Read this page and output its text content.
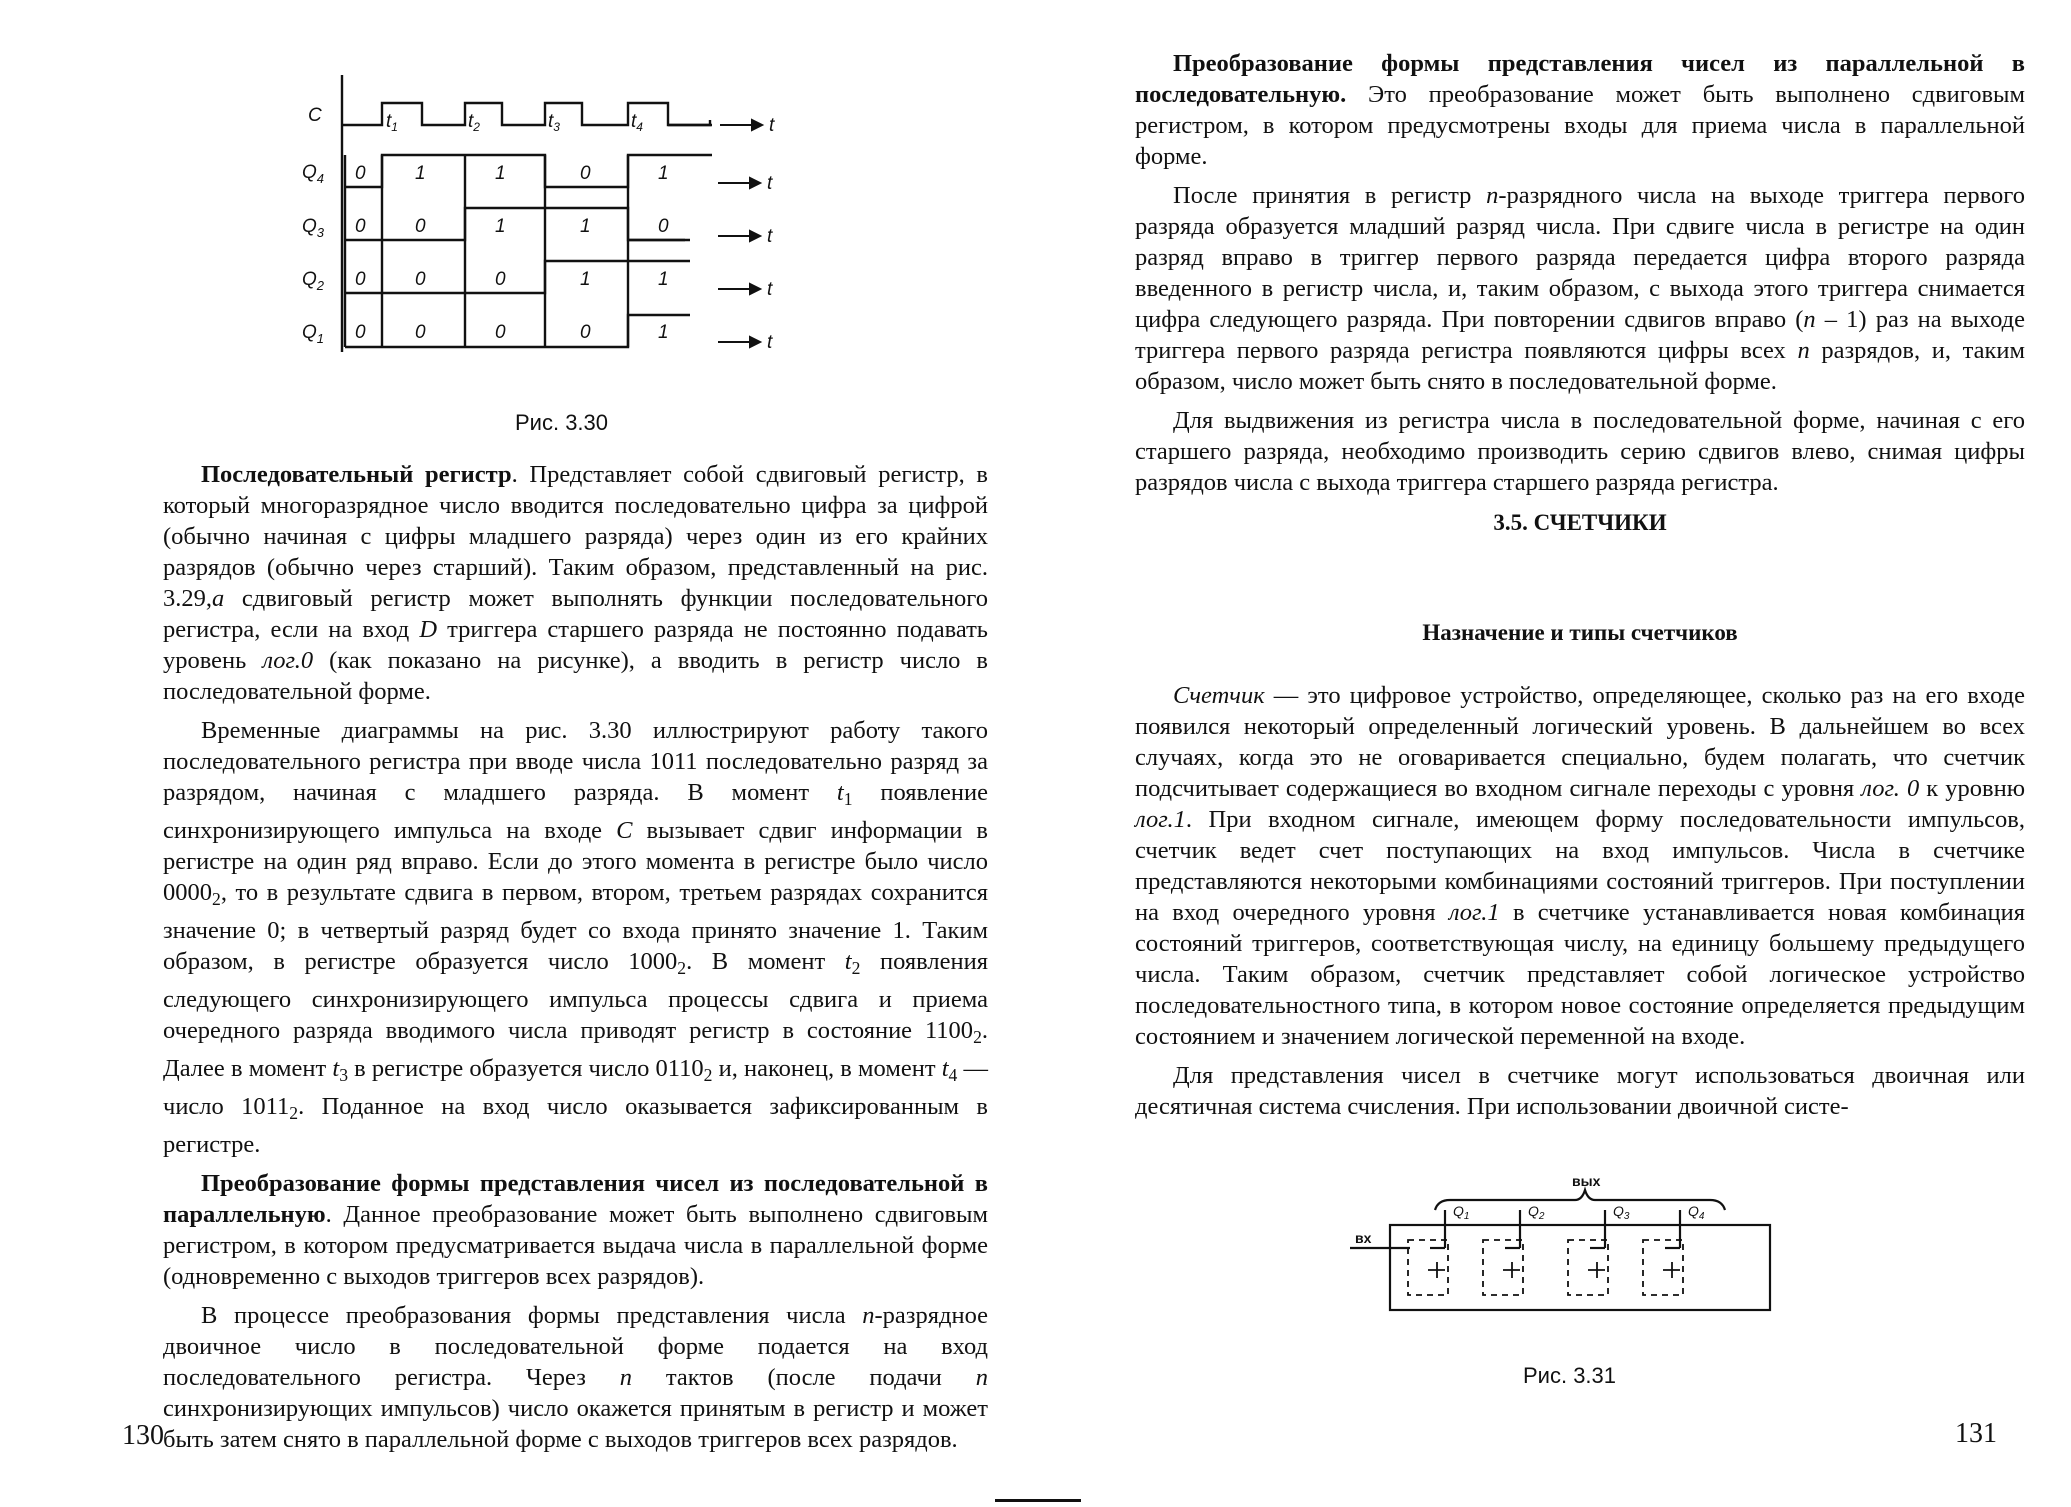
t
t
t
t
t
C
$Q_4$
$Q_3$
$Q_2$
$Q_1$
$t_1$	$t_2$	$t_3$	$t_4$
0	1	1	0	1
0	0	1	1	0
0	0	0	1	1
0	0	0	0	1
Рис. 3.30

Последовательный регистр. Представляет собой сдвиговый регистр, в который многоразрядное число вводится последовательно цифра за цифрой (обычно начиная с цифры младшего разряда) через один из его крайних разрядов (обычно через старший). Таким образом, представленный на рис. 3.29,а сдвиговый регистр может выполнять функции последовательного регистра, если на вход D триггера старшего разряда не постоянно подавать уровень лог.0 (как показано на рисунке), а вводить в регистр число в последовательной форме.

Временные диаграммы на рис. 3.30 иллюстрируют работу такого последовательного регистра при вводе числа 1011 последовательно разряд за разрядом, начиная с младшего разряда. В момент $t_1$ появление синхронизирующего импульса на входе C вызывает сдвиг информации в регистре на один ряд вправо. Если до этого момента в регистре было число $0000_2$, то в результате сдвига в первом, втором, третьем разрядах сохранится значение 0; в четвертый разряд будет со входа принято значение 1. Таким образом, в регистре образуется число $1000_2$. В момент $t_2$ появления следующего синхронизирующего импульса процессы сдвига и приема очередного разряда вводимого числа приводят регистр в состояние $1100_2$. Далее в момент $t_3$ в регистре образуется число $0110_2$ и, наконец, в момент $t_4$ — число $1011_2$. Поданное на вход число оказывается зафиксированным в регистре.

Преобразование формы представления чисел из последовательной в параллельную. Данное преобразование может быть выполнено сдвиговым регистром, в котором предусматривается выдача числа в параллельной форме (одновременно с выходов триггеров всех разрядов).

В процессе преобразования формы представления числа n-разрядное двоичное число в последовательной форме подается на вход последовательного регистра. Через n тактов (после подачи n синхронизирующих импульсов) число окажется принятым в регистр и может быть затем снято в параллельной форме с выходов триггеров всех разрядов.

130

Преобразование формы представления чисел из параллельной в последовательную. Это преобразование может быть выполнено сдвиговым регистром, в котором предусмотрены входы для приема числа в параллельной форме.

После принятия в регистр n-разрядного числа на выходе триггера первого разряда образуется младший разряд числа. При сдвиге числа в регистре на один разряд вправо в триггер первого разряда передается цифра второго разряда введенного в регистр числа, и, таким образом, с выхода этого триггера снимается цифра следующего разряда. При повторении сдвигов вправо (n – 1) раз на выходе триггера первого разряда регистра появляются цифры всех n разрядов, и, таким образом, число может быть снято в последовательной форме.

Для выдвижения из регистра числа в последовательной форме, начиная с его старшего разряда, необходимо производить серию сдвигов влево, снимая цифры разрядов числа с выхода триггера старшего разряда регистра.

3.5. СЧЕТЧИКИ
Назначение и типы счетчиков

Счетчик — это цифровое устройство, определяющее, сколько раз на его входе появился некоторый определенный логический уровень. В дальнейшем во всех случаях, когда это не оговаривается специально, будем полагать, что счетчик подсчитывает содержащиеся во входном сигнале переходы с уровня лог. 0 к уровню лог.1. При входном сигнале, имеющем форму последовательности импульсов, счетчик ведет счет поступающих на вход импульсов. Числа в счетчике представляются некоторыми комбинациями состояний триггеров. При поступлении на вход очередного уровня лог.1 в счетчике устанавливается новая комбинация состояний триггеров, соответствующая числу, на единицу большему предыдущего числа. Таким образом, счетчик представляет собой логическое устройство последовательностного типа, в котором новое состояние определяется предыдущим состоянием и значением логической переменной на входе.

Для представления чисел в счетчике могут использоваться двоичная или десятичная система счисления. При использовании двоичной систе-

вых
вх
$Q_1$	$Q_2$	$Q_3$	$Q_4$
Рис. 3.31
131
